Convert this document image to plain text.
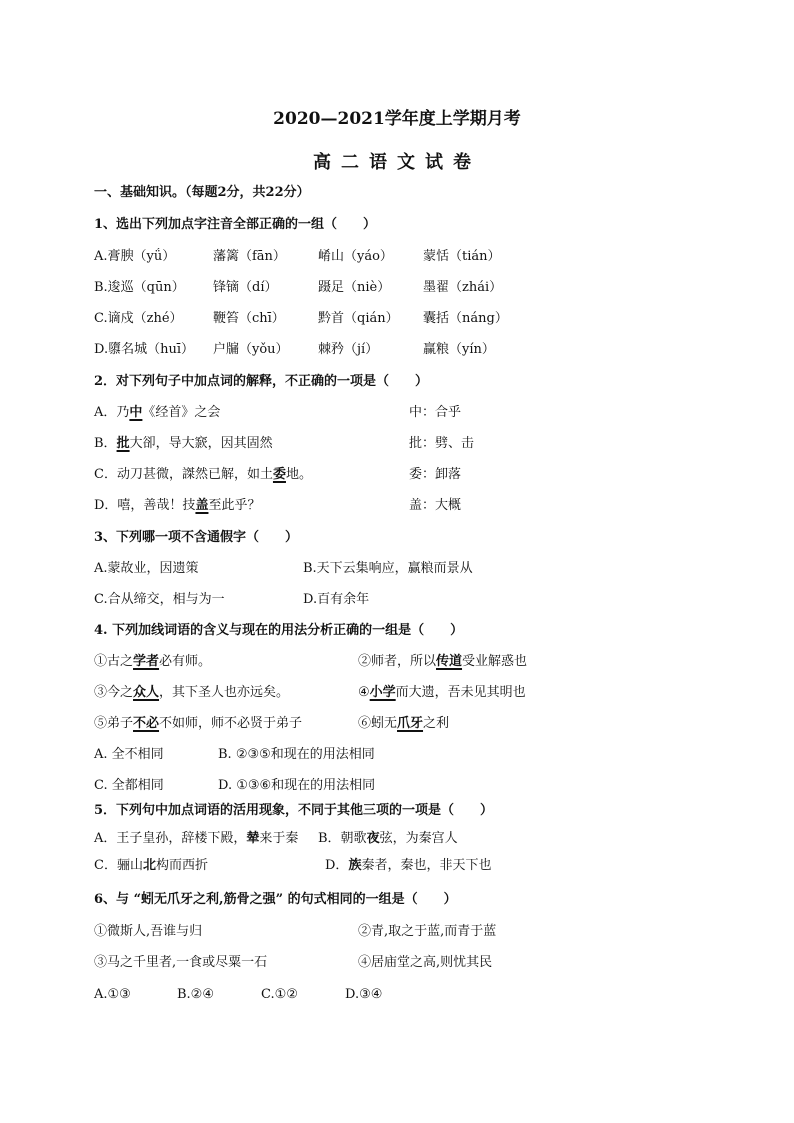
2020—2021学年度上学期月考
高二语文试卷
一、基础知识。（每题2分，共22分）
1、选出下列加点字注音全部正确的一组（　　）
A.膏腴（yǘ）	藩篱（fān） 崤山（yáo） 蒙恬（tián）
B.逡巡（qūn） 锋镝（dí）	蹑足（niè）	墨翟（zhái）
C.谪戍（zhé） 鞭笞（chī）	黔首（qián） 囊括（náng）
D.隳名城（huī） 户牖（yǒu） 棘矜（jí）	赢粮（yín）
2．对下列句子中加点词的解释，不正确的一项是（　　）
A．乃中《经首》之会	中：合乎
B．批大卻，导大窾，因其固然	批：劈、击
C．动刀甚微，謋然已解，如土委地。	委：卸落
D．嘻，善哉！技盖至此乎？	盖：大概
3、下列哪一项不含通假字（　　）
A.蒙故业，因遗策	B.天下云集响应，赢粮而景从
C.合从缔交，相与为一	D.百有余年
4. 下列加线词语的含义与现在的用法分析正确的一组是（　　）
①古之学者必有师。	②师者，所以传道受业解惑也
③今之众人，其下圣人也亦远矣。	④小学而大遗，吾未见其明也
⑤弟子不必不如师，师不必贤于弟子	⑥蚓无爪牙之利
A. 全不相同	B. ②③⑤和现在的用法相同
C. 全都相同	D. ①③⑥和现在的用法相同
5．下列句中加点词语的活用现象，不同于其他三项的一项是（　　）
A．王子皇孙，辞楼下殿，辇来于秦 B．朝歌夜弦，为秦宫人
C．骊山北构而西折	D．族秦者，秦也，非天下也
6、与 “蚓无爪牙之利,筋骨之强” 的句式相同的一组是（　　）
①微斯人,吾谁与归	②青,取之于蓝,而青于蓝
③马之千里者,一食或尽粟一石	④居庙堂之高,则忧其民
A.①③	B.②④	C.①②	D.③④
